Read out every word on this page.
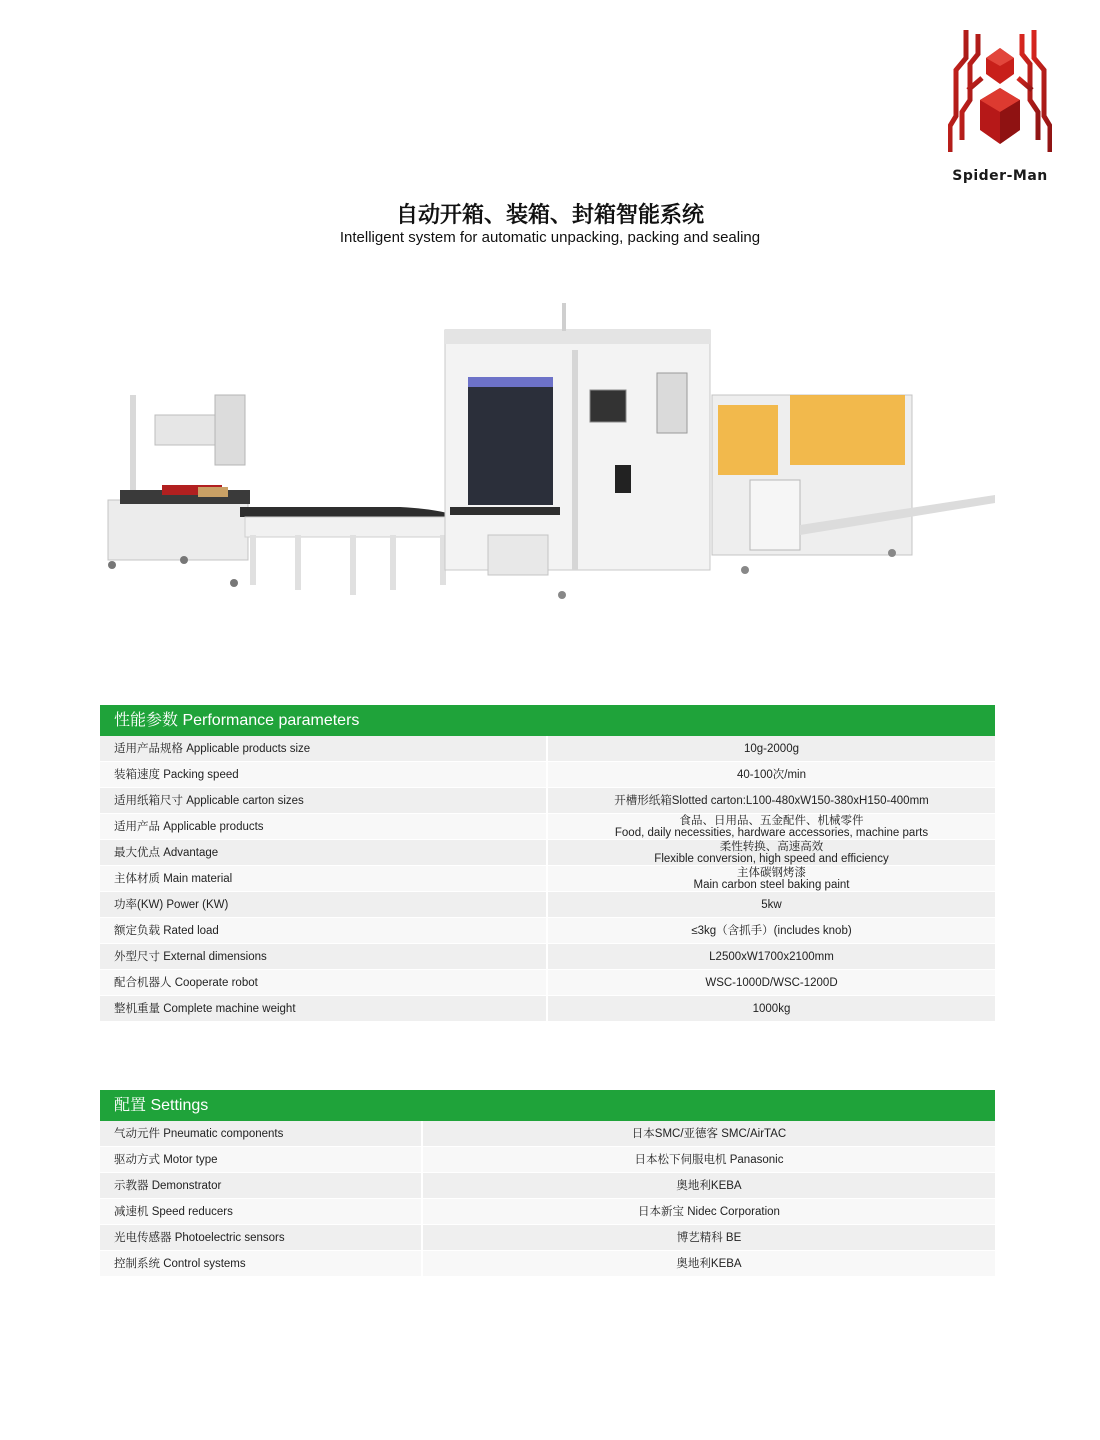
Spider-Man
自动开箱、装箱、封箱智能系统
Intelligent system for automatic unpacking, packing and sealing
性能参数 Performance parameters
适用产品规格 Applicable products size	10g-2000g

装箱速度 Packing speed	40-100次/min

适用纸箱尺寸 Applicable carton sizes	开槽形纸箱Slotted carton:L100-480xW150-380xH150-400mm

适用产品 Applicable products	食品、日用品、五金配件、机械零件
Food, daily necessities, hardware accessories, machine parts

最大优点 Advantage	柔性转换、高速高效
Flexible conversion, high speed and efficiency

主体材质 Main material	主体碳钢烤漆
Main carbon steel baking paint

功率(KW) Power (KW)	5kw

额定负载 Rated load	≤3kg（含抓手）(includes knob)

外型尺寸 External dimensions	L2500xW1700x2100mm

配合机器人 Cooperate robot	WSC-1000D/WSC-1200D

整机重量 Complete machine weight	1000kg
配置 Settings
气动元件 Pneumatic components	日本SMC/亚德客 SMC/AirTAC

驱动方式 Motor type	日本松下伺服电机 Panasonic

示教器 Demonstrator	奥地利KEBA

减速机 Speed reducers	日本新宝 Nidec Corporation

光电传感器 Photoelectric sensors	博艺精科 BE

控制系统 Control systems	奥地利KEBA
